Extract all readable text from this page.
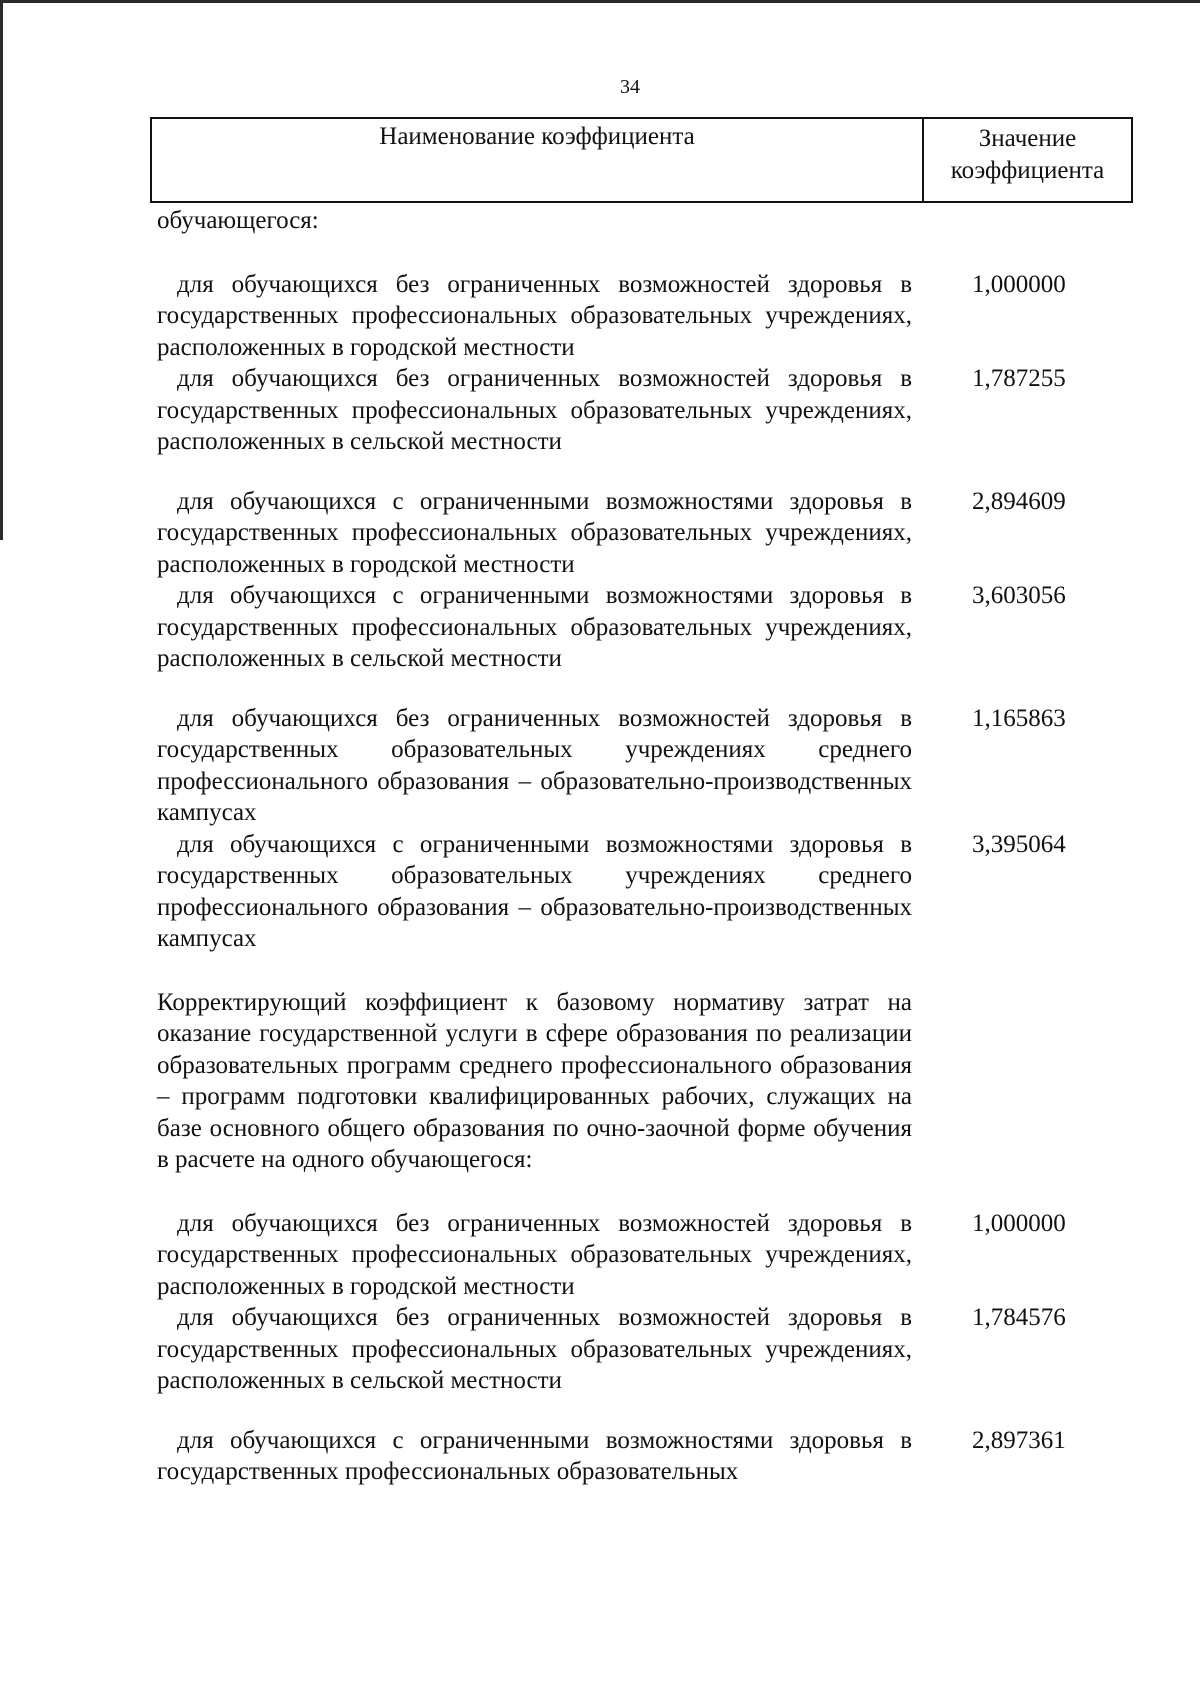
34
Наименование коэффициента	Значение коэффициента
обучающегося:
1,000000
для обучающихся без ограниченных возможностей здоровья в государственных профессиональных образовательных учреждениях, расположенных в городской местности
1,787255
для обучающихся без ограниченных возможностей здоровья в государственных профессиональных образовательных учреждениях, расположенных в сельской местности
2,894609
для обучающихся с ограниченными возможностями здоровья в государственных профессиональных образовательных учреждениях, расположенных в городской местности
3,603056
для обучающихся с ограниченными возможностями здоровья в государственных профессиональных образовательных учреждениях, расположенных в сельской местности
1,165863
для обучающихся без ограниченных возможностей здоровья в государственных образовательных учреждениях среднего профессионального образования – образовательно-производственных кампусах
3,395064
для обучающихся с ограниченными возможностями здоровья в государственных образовательных учреждениях среднего профессионального образования – образовательно-производственных кампусах
Корректирующий коэффициент к базовому нормативу затрат на оказание государственной услуги в сфере образования по реализации образовательных программ среднего профессионального образования – программ подготовки квалифицированных рабочих, служащих на базе основного общего образования по очно-заочной форме обучения в расчете на одного обучающегося:
1,000000
для обучающихся без ограниченных возможностей здоровья в государственных профессиональных образовательных учреждениях, расположенных в городской местности
1,784576
для обучающихся без ограниченных возможностей здоровья в государственных профессиональных образовательных учреждениях, расположенных в сельской местности
2,897361
для обучающихся с ограниченными возможностями здоровья в государственных профессиональных образовательных
